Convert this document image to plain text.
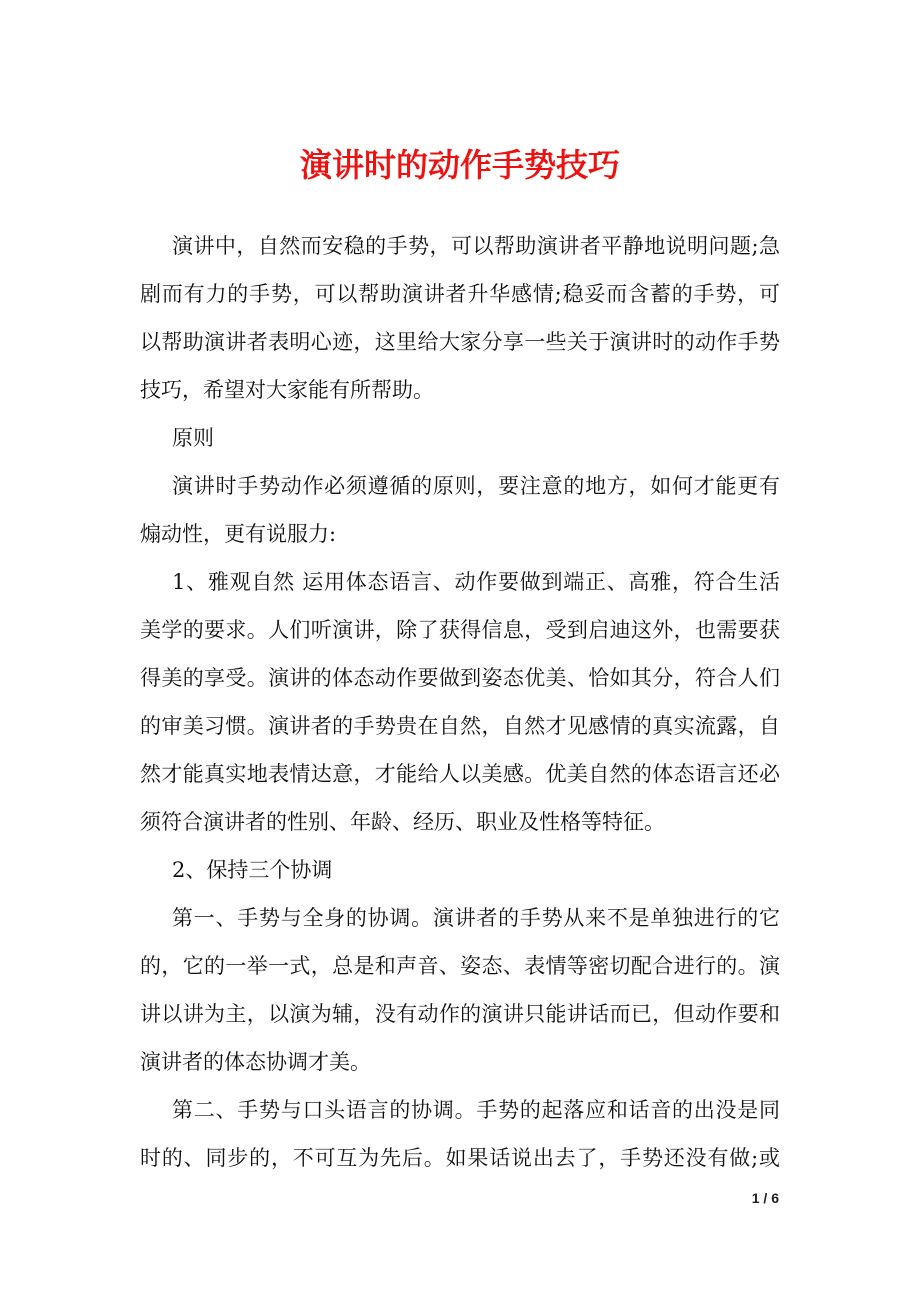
演讲时的动作手势技巧
演讲中，自然而安稳的手势，可以帮助演讲者平静地说明问题;急
剧而有力的手势，可以帮助演讲者升华感情;稳妥而含蓄的手势，可
以帮助演讲者表明心迹，这里给大家分享一些关于演讲时的动作手势
技巧，希望对大家能有所帮助。
原则
演讲时手势动作必须遵循的原则，要注意的地方，如何才能更有
煽动性，更有说服力:
1、雅观自然 运用体态语言、动作要做到端正、高雅，符合生活
美学的要求。人们听演讲，除了获得信息，受到启迪这外，也需要获
得美的享受。演讲的体态动作要做到姿态优美、恰如其分，符合人们
的审美习惯。演讲者的手势贵在自然，自然才见感情的真实流露，自
然才能真实地表情达意，才能给人以美感。优美自然的体态语言还必
须符合演讲者的性别、年龄、经历、职业及性格等特征。
2、保持三个协调
第一、手势与全身的协调。演讲者的手势从来不是单独进行的它
的，它的一举一式，总是和声音、姿态、表情等密切配合进行的。演
讲以讲为主，以演为辅，没有动作的演讲只能讲话而已，但动作要和
演讲者的体态协调才美。
第二、手势与口头语言的协调。手势的起落应和话音的出没是同
时的、同步的，不可互为先后。如果话说出去了，手势还没有做;或
1 / 6
